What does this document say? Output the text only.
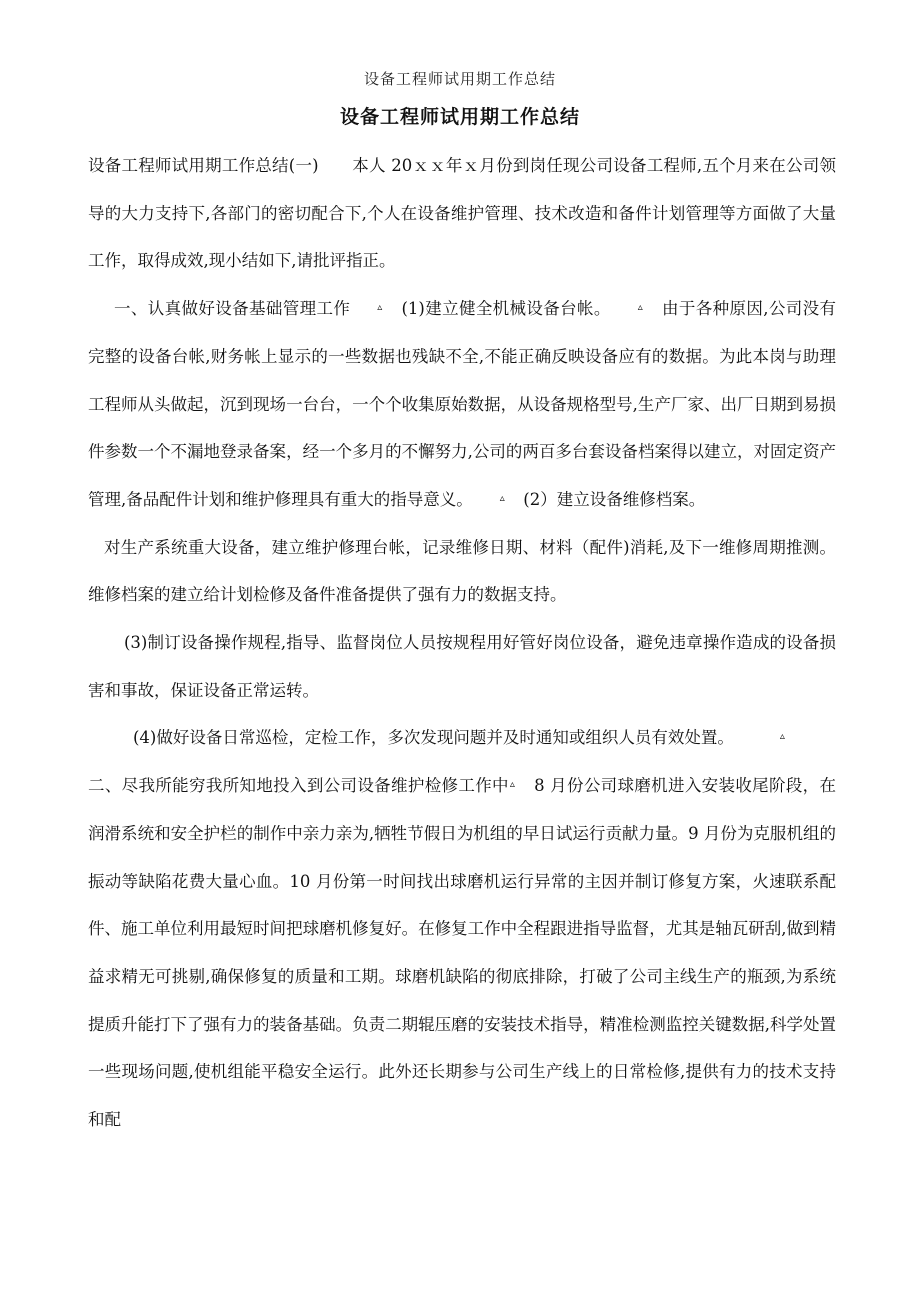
设备工程师试用期工作总结
设备工程师试用期工作总结

设备工程师试用期工作总结(一)　　本人 20ｘｘ年ｘ月份到岗任现公司设备工程师,五个月来在公司领导的大力支持下,各部门的密切配合下,个人在设备维护管理、技术改造和备件计划管理等方面做了大量工作，取得成效,现小结如下,请批评指正。

一、认真做好设备基础管理工作	▵　(1)建立健全机械设备台帐。	▵　由于各种原因,公司没有完整的设备台帐,财务帐上显示的一些数据也残缺不全,不能正确反映设备应有的数据。为此本岗与助理工程师从头做起，沉到现场一台台，一个个收集原始数据，从设备规格型号,生产厂家、出厂日期到易损件参数一个不漏地登录备案，经一个多月的不懈努力,公司的两百多台套设备档案得以建立，对固定资产管理,备品配件计划和维护修理具有重大的指导意义。	▵　(2）建立设备维修档案。

对生产系统重大设备，建立维护修理台帐，记录维修日期、材料（配件)消耗,及下一维修周期推测。维修档案的建立给计划检修及备件准备提供了强有力的数据支持。

(3)制订设备操作规程,指导、监督岗位人员按规程用好管好岗位设备，避免违章操作造成的设备损害和事故，保证设备正常运转。

(4)做好设备日常巡检，定检工作，多次发现问题并及时通知或组织人员有效处置。	▵

二、尽我所能穷我所知地投入到公司设备维护检修工作中▵　8 月份公司球磨机进入安装收尾阶段，在润滑系统和安全护栏的制作中亲力亲为,牺牲节假日为机组的早日试运行贡献力量。9 月份为克服机组的振动等缺陷花费大量心血。10 月份第一时间找出球磨机运行异常的主因并制订修复方案，火速联系配件、施工单位利用最短时间把球磨机修复好。在修复工作中全程跟进指导监督，尤其是轴瓦研刮,做到精益求精无可挑剔,确保修复的质量和工期。球磨机缺陷的彻底排除，打破了公司主线生产的瓶颈,为系统提质升能打下了强有力的装备基础。负责二期辊压磨的安装技术指导，精准检测监控关键数据,科学处置一些现场问题,使机组能平稳安全运行。此外还长期参与公司生产线上的日常检修,提供有力的技术支持和配
